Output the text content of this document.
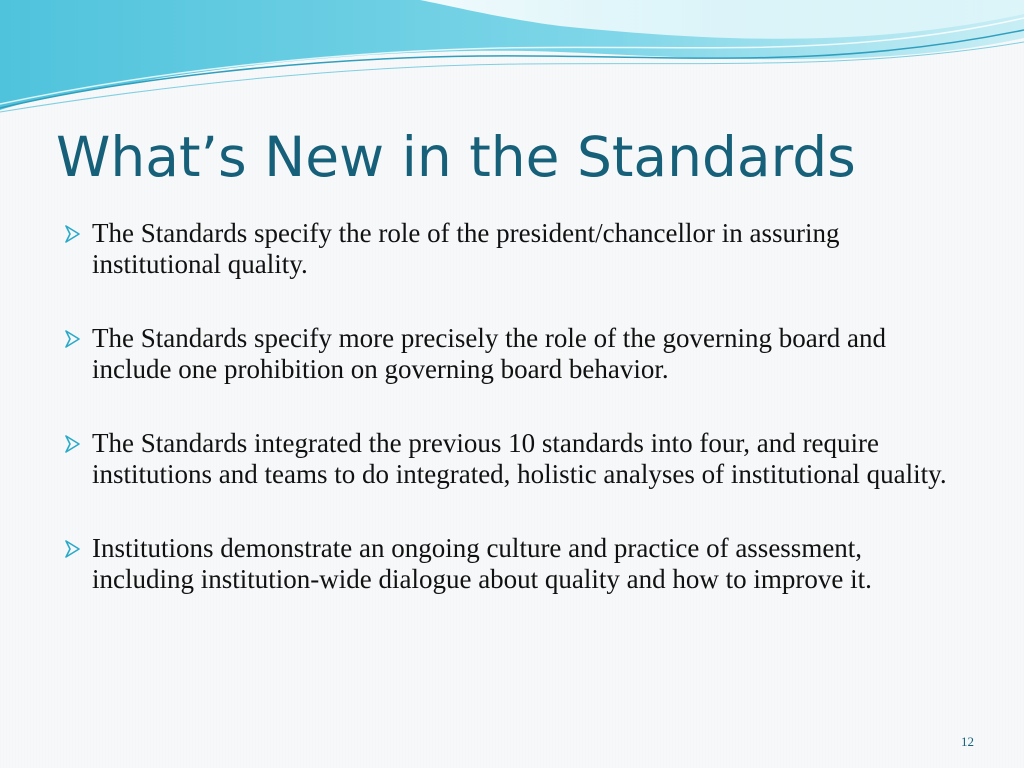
What’s New in the Standards
The Standards specify the role of the president/chancellor in assuring institutional quality.
The Standards specify more precisely the role of the governing board and include one prohibition on governing board behavior.
The Standards integrated the previous 10 standards into four, and require institutions and teams to do integrated, holistic analyses of institutional quality.
Institutions demonstrate an ongoing culture and practice of assessment, including institution-wide dialogue about quality and how to improve it.
12
